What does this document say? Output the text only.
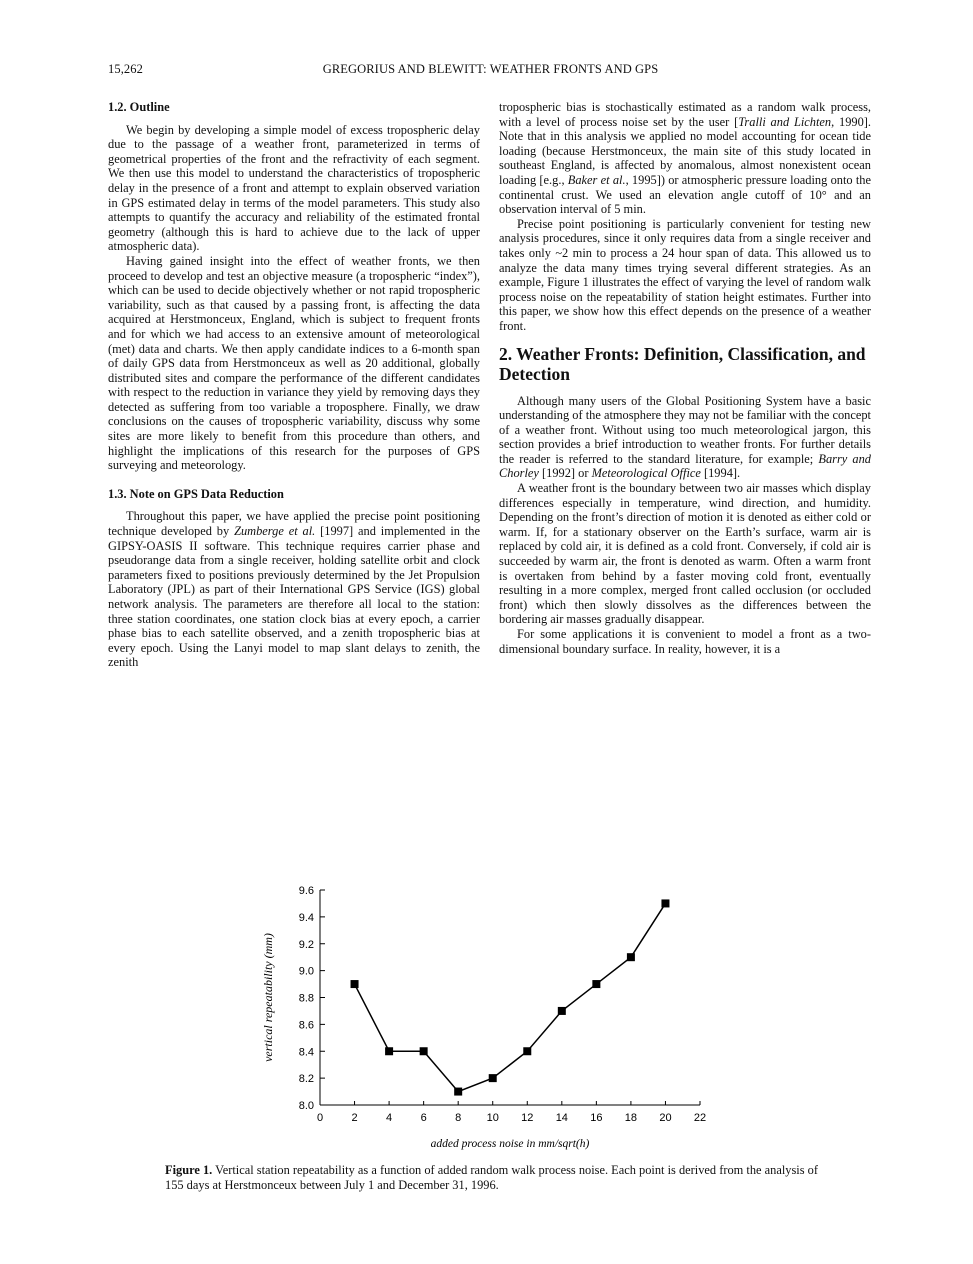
15,262	GREGORIUS AND BLEWITT: WEATHER FRONTS AND GPS
1.2. Outline

We begin by developing a simple model of excess tropospheric delay due to the passage of a weather front, parameterized in terms of geometrical properties of the front and the refractivity of each segment. We then use this model to understand the characteristics of tropospheric delay in the presence of a front and attempt to explain observed variation in GPS estimated delay in terms of the model parameters. This study also attempts to quantify the accuracy and reliability of the estimated frontal geometry (although this is hard to achieve due to the lack of upper atmospheric data).

Having gained insight into the effect of weather fronts, we then proceed to develop and test an objective measure (a tropospheric “index”), which can be used to decide objectively whether or not rapid tropospheric variability, such as that caused by a passing front, is affecting the data acquired at Herstmonceux, England, which is subject to frequent fronts and for which we had access to an extensive amount of meteorological (met) data and charts. We then apply candidate indices to a 6-month span of daily GPS data from Herstmonceux as well as 20 additional, globally distributed sites and compare the performance of the different candidates with respect to the reduction in variance they yield by removing days they detected as suffering from too variable a troposphere. Finally, we draw conclusions on the causes of tropospheric variability, discuss why some sites are more likely to benefit from this procedure than others, and highlight the implications of this research for the purposes of GPS surveying and meteorology.

1.3. Note on GPS Data Reduction

Throughout this paper, we have applied the precise point positioning technique developed by Zumberge et al. [1997] and implemented in the GIPSY-OASIS II software. This technique requires carrier phase and pseudorange data from a single receiver, holding satellite orbit and clock parameters fixed to positions previously determined by the Jet Propulsion Laboratory (JPL) as part of their International GPS Service (IGS) global network analysis. The parameters are therefore all local to the station: three station coordinates, one station clock bias at every epoch, a carrier phase bias to each satellite observed, and a zenith tropospheric bias at every epoch. Using the Lanyi model to map slant delays to zenith, the zenith

tropospheric bias is stochastically estimated as a random walk process, with a level of process noise set by the user [Tralli and Lichten, 1990]. Note that in this analysis we applied no model accounting for ocean tide loading (because Herstmonceux, the main site of this study located in southeast England, is affected by anomalous, almost nonexistent ocean loading [e.g., Baker et al., 1995]) or atmospheric pressure loading onto the continental crust. We used an elevation angle cutoff of 10° and an observation interval of 5 min.

Precise point positioning is particularly convenient for testing new analysis procedures, since it only requires data from a single receiver and takes only ~2 min to process a 24 hour span of data. This allowed us to analyze the data many times trying several different strategies. As an example, Figure 1 illustrates the effect of varying the level of random walk process noise on the repeatability of station height estimates. Further into this paper, we show how this effect depends on the presence of a weather front.

2. Weather Fronts: Definition, Classification, and Detection

Although many users of the Global Positioning System have a basic understanding of the atmosphere they may not be familiar with the concept of a weather front. Without using too much meteorological jargon, this section provides a brief introduction to weather fronts. For further details the reader is referred to the standard literature, for example; Barry and Chorley [1992] or Meteorological Office [1994].

A weather front is the boundary between two air masses which display differences especially in temperature, wind direction, and humidity. Depending on the front’s direction of motion it is denoted as either cold or warm. If, for a stationary observer on the Earth’s surface, warm air is replaced by cold air, it is defined as a cold front. Conversely, if cold air is succeeded by warm air, the front is denoted as warm. Often a warm front is overtaken from behind by a faster moving cold front, eventually resulting in a more complex, merged front called occlusion (or occluded front) which then slowly dissolves as the differences between the bordering air masses gradually disappear.

For some applications it is convenient to model a front as a two-dimensional boundary surface. In reality, however, it is a

8.0
8.2
8.4
8.6
8.8
9.0
9.2
9.4
9.6
0	2	4	6	8 10 12 14 16 18 20 22
added process noise in mm/sqrt(h)
vertical repeatability (mm)
Figure 1. Vertical station repeatability as a function of added random walk process noise. Each point is derived from the analysis of 155 days at Herstmonceux between July 1 and December 31, 1996.
